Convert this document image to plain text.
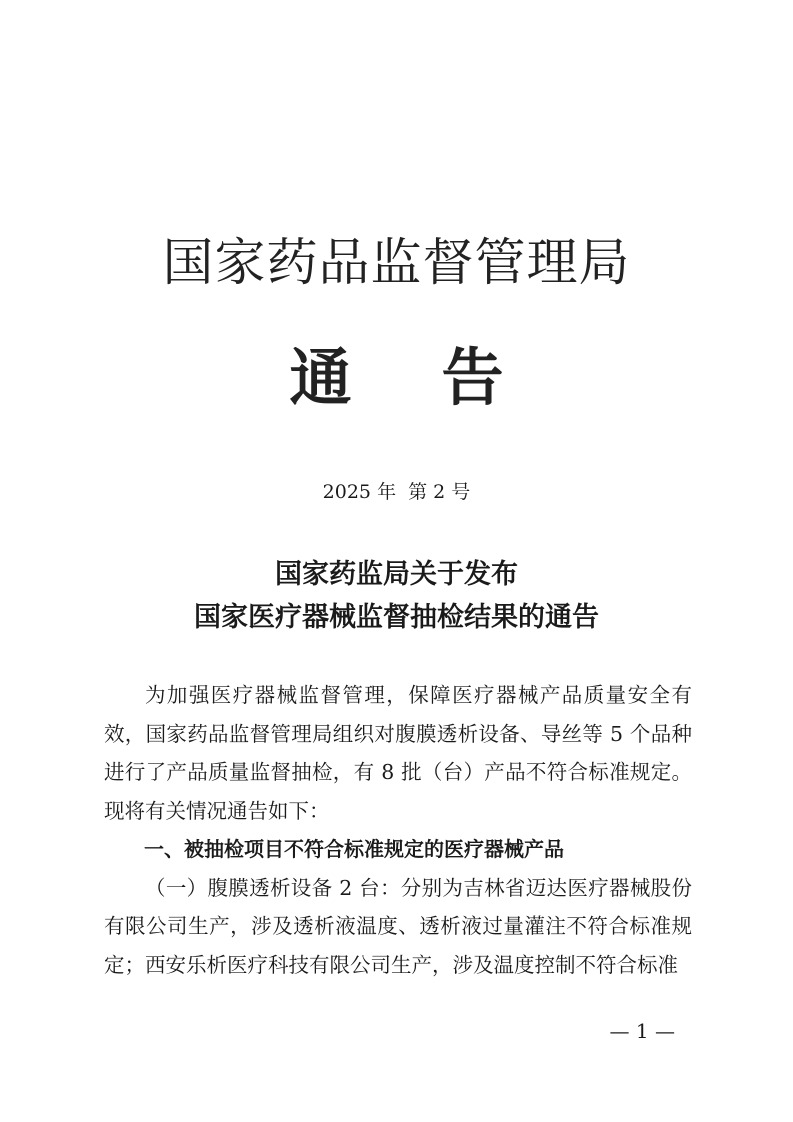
国家药品监督管理局
通告
2025 年  第 2 号
国家药监局关于发布
国家医疗器械监督抽检结果的通告

为加强医疗器械监督管理，保障医疗器械产品质量安全有效，国家药品监督管理局组织对腹膜透析设备、导丝等 5 个品种进行了产品质量监督抽检，有 8 批（台）产品不符合标准规定。现将有关情况通告如下：

一、被抽检项目不符合标准规定的医疗器械产品

（一）腹膜透析设备 2 台：分别为吉林省迈达医疗器械股份有限公司生产，涉及透析液温度、透析液过量灌注不符合标准规定；西安乐析医疗科技有限公司生产，涉及温度控制不符合标准

— 1 —
